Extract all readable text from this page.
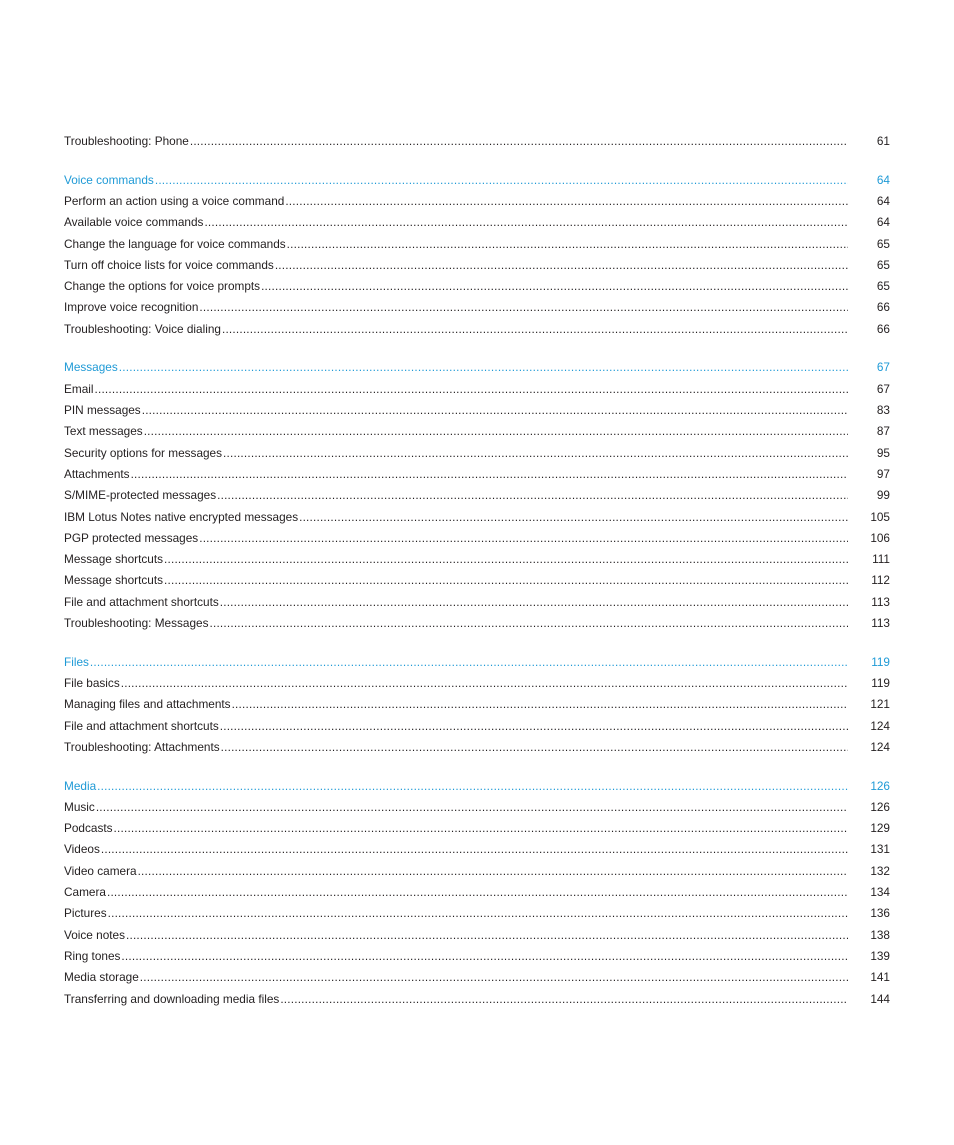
Troubleshooting: Phone .....	61
Voice commands .....	64
Perform an action using a voice command .....	64
Available voice commands .....	64
Change the language for voice commands .....	65
Turn off choice lists for voice commands .....	65
Change the options for voice prompts .....	65
Improve voice recognition .....	66
Troubleshooting: Voice dialing .....	66
Messages .....	67
Email .....	67
PIN messages .....	83
Text messages .....	87
Security options for messages .....	95
Attachments .....	97
S/MIME-protected messages .....	99
IBM Lotus Notes native encrypted messages .....	105
PGP protected messages .....	106
Message shortcuts .....	111
Message shortcuts .....	112
File and attachment shortcuts .....	113
Troubleshooting: Messages .....	113
Files .....	119
File basics .....	119
Managing files and attachments .....	121
File and attachment shortcuts .....	124
Troubleshooting: Attachments .....	124
Media .....	126
Music .....	126
Podcasts .....	129
Videos .....	131
Video camera .....	132
Camera .....	134
Pictures .....	136
Voice notes .....	138
Ring tones .....	139
Media storage .....	141
Transferring and downloading media files .....	144
